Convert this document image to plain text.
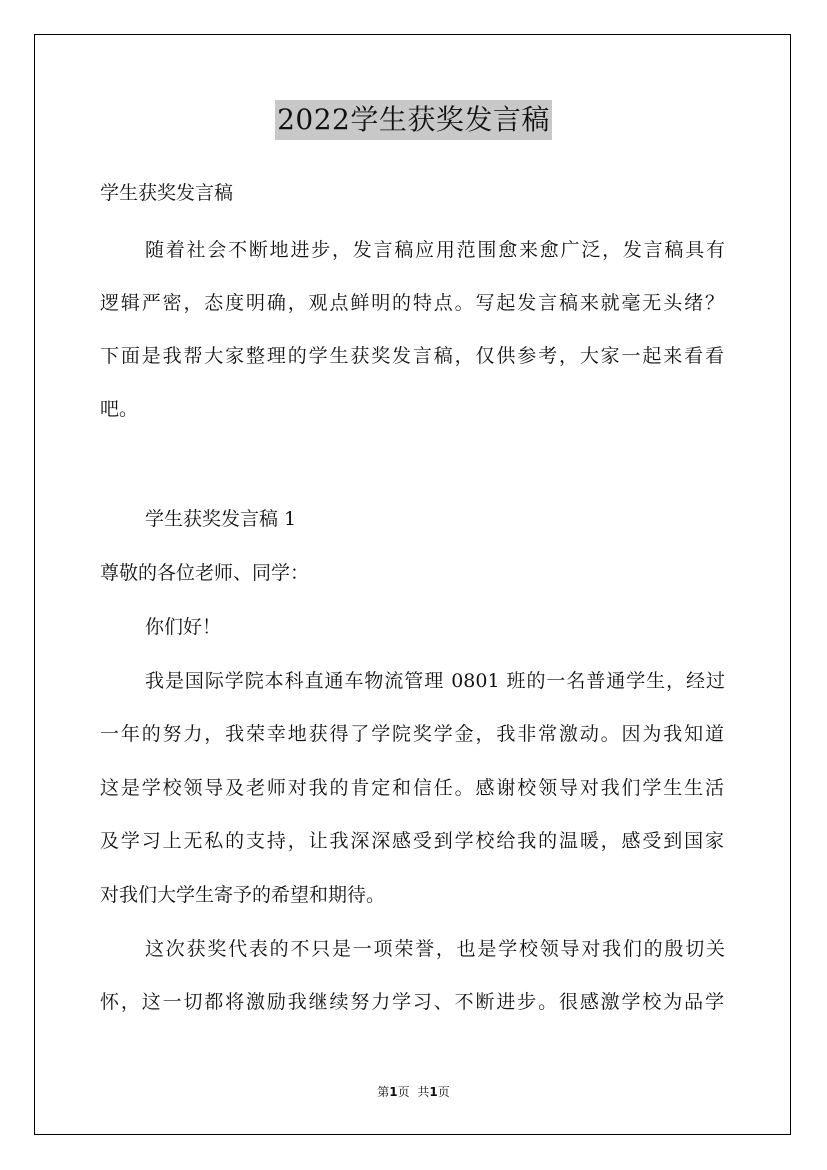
2022学生获奖发言稿
学生获奖发言稿
随着社会不断地进步，发言稿应用范围愈来愈广泛，发言稿具有
逻辑严密，态度明确，观点鲜明的特点。写起发言稿来就毫无头绪？
下面是我帮大家整理的学生获奖发言稿，仅供参考，大家一起来看看
吧。
学生获奖发言稿 1
尊敬的各位老师、同学：
你们好！
我是国际学院本科直通车物流管理 0801 班的一名普通学生，经过
一年的努力，我荣幸地获得了学院奖学金，我非常激动。因为我知道
这是学校领导及老师对我的肯定和信任。感谢校领导对我们学生生活
及学习上无私的支持，让我深深感受到学校给我的温暖，感受到国家
对我们大学生寄予的希望和期待。
这次获奖代表的不只是一项荣誉，也是学校领导对我们的殷切关
怀，这一切都将激励我继续努力学习、不断进步。很感激学校为品学
第1页 共1页
